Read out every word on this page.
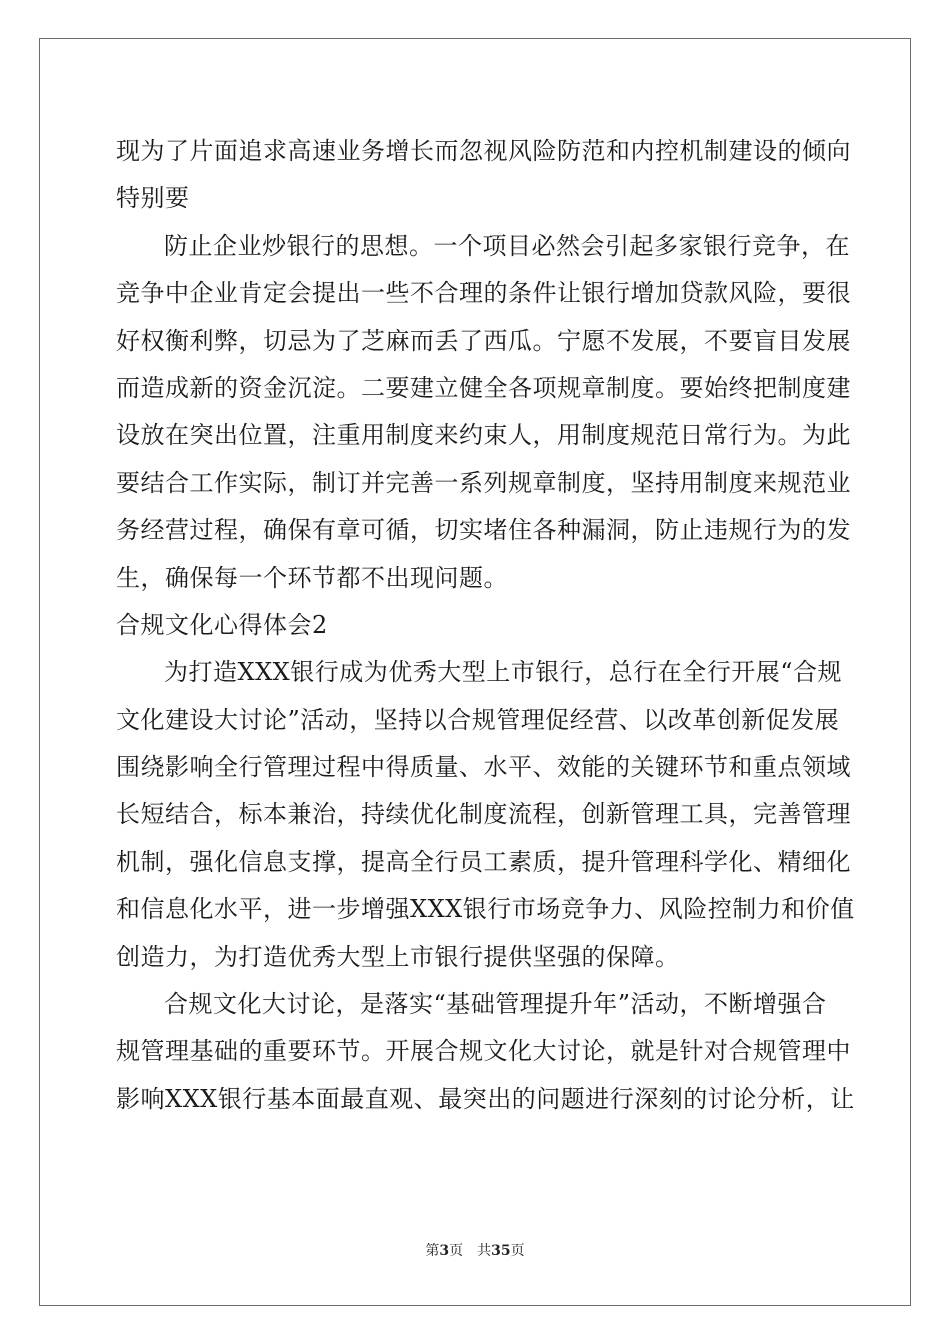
现为了片面追求高速业务增长而忽视风险防范和内控机制建设的倾向
特别要
防止企业炒银行的思想。一个项目必然会引起多家银行竞争，在
竞争中企业肯定会提出一些不合理的条件让银行增加贷款风险，要很
好权衡利弊，切忌为了芝麻而丢了西瓜。宁愿不发展，不要盲目发展
而造成新的资金沉淀。二要建立健全各项规章制度。要始终把制度建
设放在突出位置，注重用制度来约束人，用制度规范日常行为。为此
要结合工作实际，制订并完善一系列规章制度，坚持用制度来规范业
务经营过程，确保有章可循，切实堵住各种漏洞，防止违规行为的发
生，确保每一个环节都不出现问题。
合规文化心得体会2
为打造XXX银行成为优秀大型上市银行，总行在全行开展“合规
文化建设大讨论”活动，坚持以合规管理促经营、以改革创新促发展
围绕影响全行管理过程中得质量、水平、效能的关键环节和重点领域
长短结合，标本兼治，持续优化制度流程，创新管理工具，完善管理
机制，强化信息支撑，提高全行员工素质，提升管理科学化、精细化
和信息化水平，进一步增强XXX银行市场竞争力、风险控制力和价值
创造力，为打造优秀大型上市银行提供坚强的保障。
合规文化大讨论，是落实“基础管理提升年”活动，不断增强合
规管理基础的重要环节。开展合规文化大讨论，就是针对合规管理中
影响XXX银行基本面最直观、最突出的问题进行深刻的讨论分析，让
第3页　共35页
